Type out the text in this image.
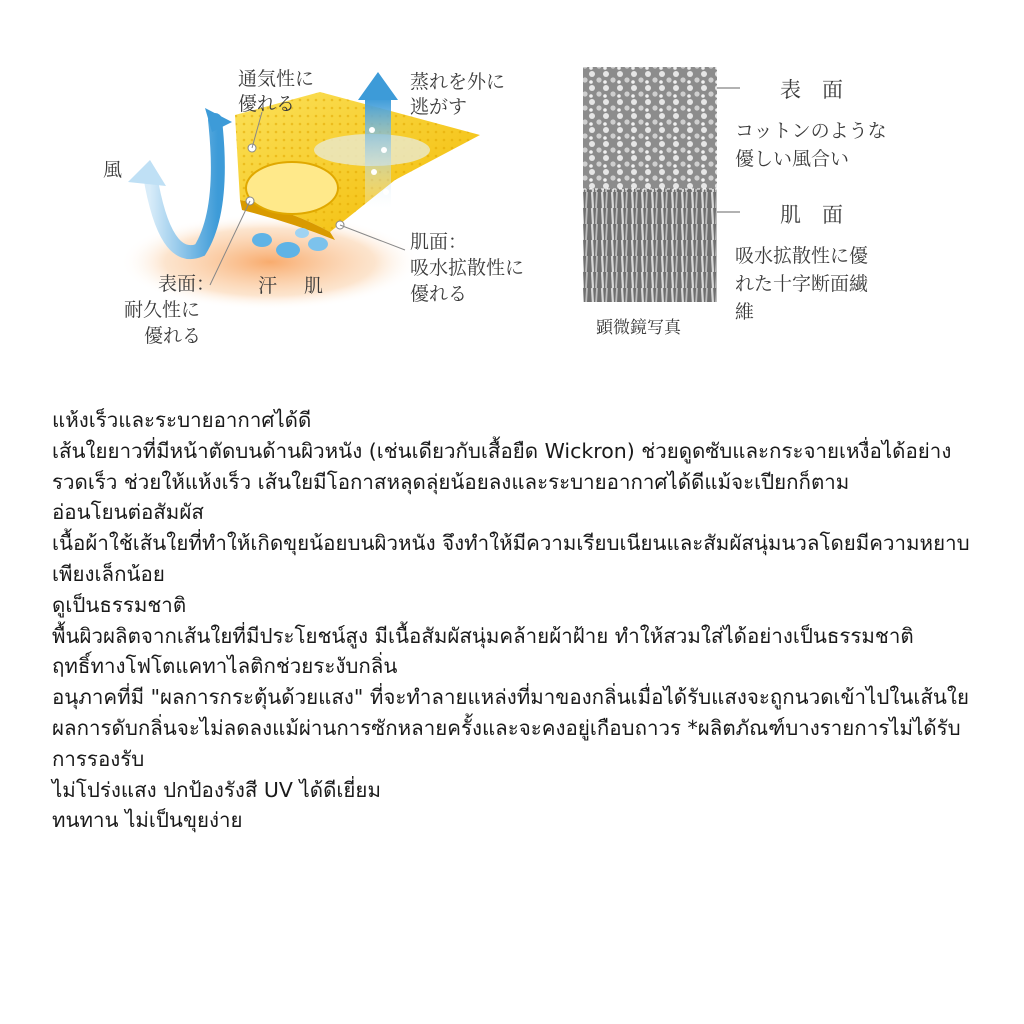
通気性に 優れる
蒸れを外に 逃がす
風
汗 肌
表面： 耐久性に 優れる
肌面： 吸水拡散性に 優れる
表　面
コットンのような 優しい風合い
肌　面
吸水拡散性に優 れた十字断面繊 維
顕微鏡写真

แห้งเร็วและระบายอากาศได้ดี

เส้นใยยาวที่มีหน้าตัดบนด้านผิวหนัง (เช่นเดียวกับเสื้อยืด Wickron) ช่วยดูดซับและกระจายเหงื่อได้อย่างรวดเร็ว ช่วยให้แห้งเร็ว เส้นใยมีโอกาสหลุดลุ่ยน้อยลงและระบายอากาศได้ดีแม้จะเปียกก็ตาม

อ่อนโยนต่อสัมผัส

เนื้อผ้าใช้เส้นใยที่ทำให้เกิดขุยน้อยบนผิวหนัง จึงทำให้มีความเรียบเนียนและสัมผัสนุ่มนวลโดยมีความหยาบเพียงเล็กน้อย

ดูเป็นธรรมชาติ

พื้นผิวผลิตจากเส้นใยที่มีประโยชน์สูง มีเนื้อสัมผัสนุ่มคล้ายผ้าฝ้าย ทำให้สวมใส่ได้อย่างเป็นธรรมชาติ

ฤทธิ์ทางโฟโตแคทาไลติกช่วยระงับกลิ่น

อนุภาคที่มี "ผลการกระตุ้นด้วยแสง" ที่จะทำลายแหล่งที่มาของกลิ่นเมื่อได้รับแสงจะถูกนวดเข้าไปในเส้นใย ผลการดับกลิ่นจะไม่ลดลงแม้ผ่านการซักหลายครั้งและจะคงอยู่เกือบถาวร *ผลิตภัณฑ์บางรายการไม่ได้รับการรองรับ

ไม่โปร่งแสง ปกป้องรังสี UV ได้ดีเยี่ยม

ทนทาน ไม่เป็นขุยง่าย
